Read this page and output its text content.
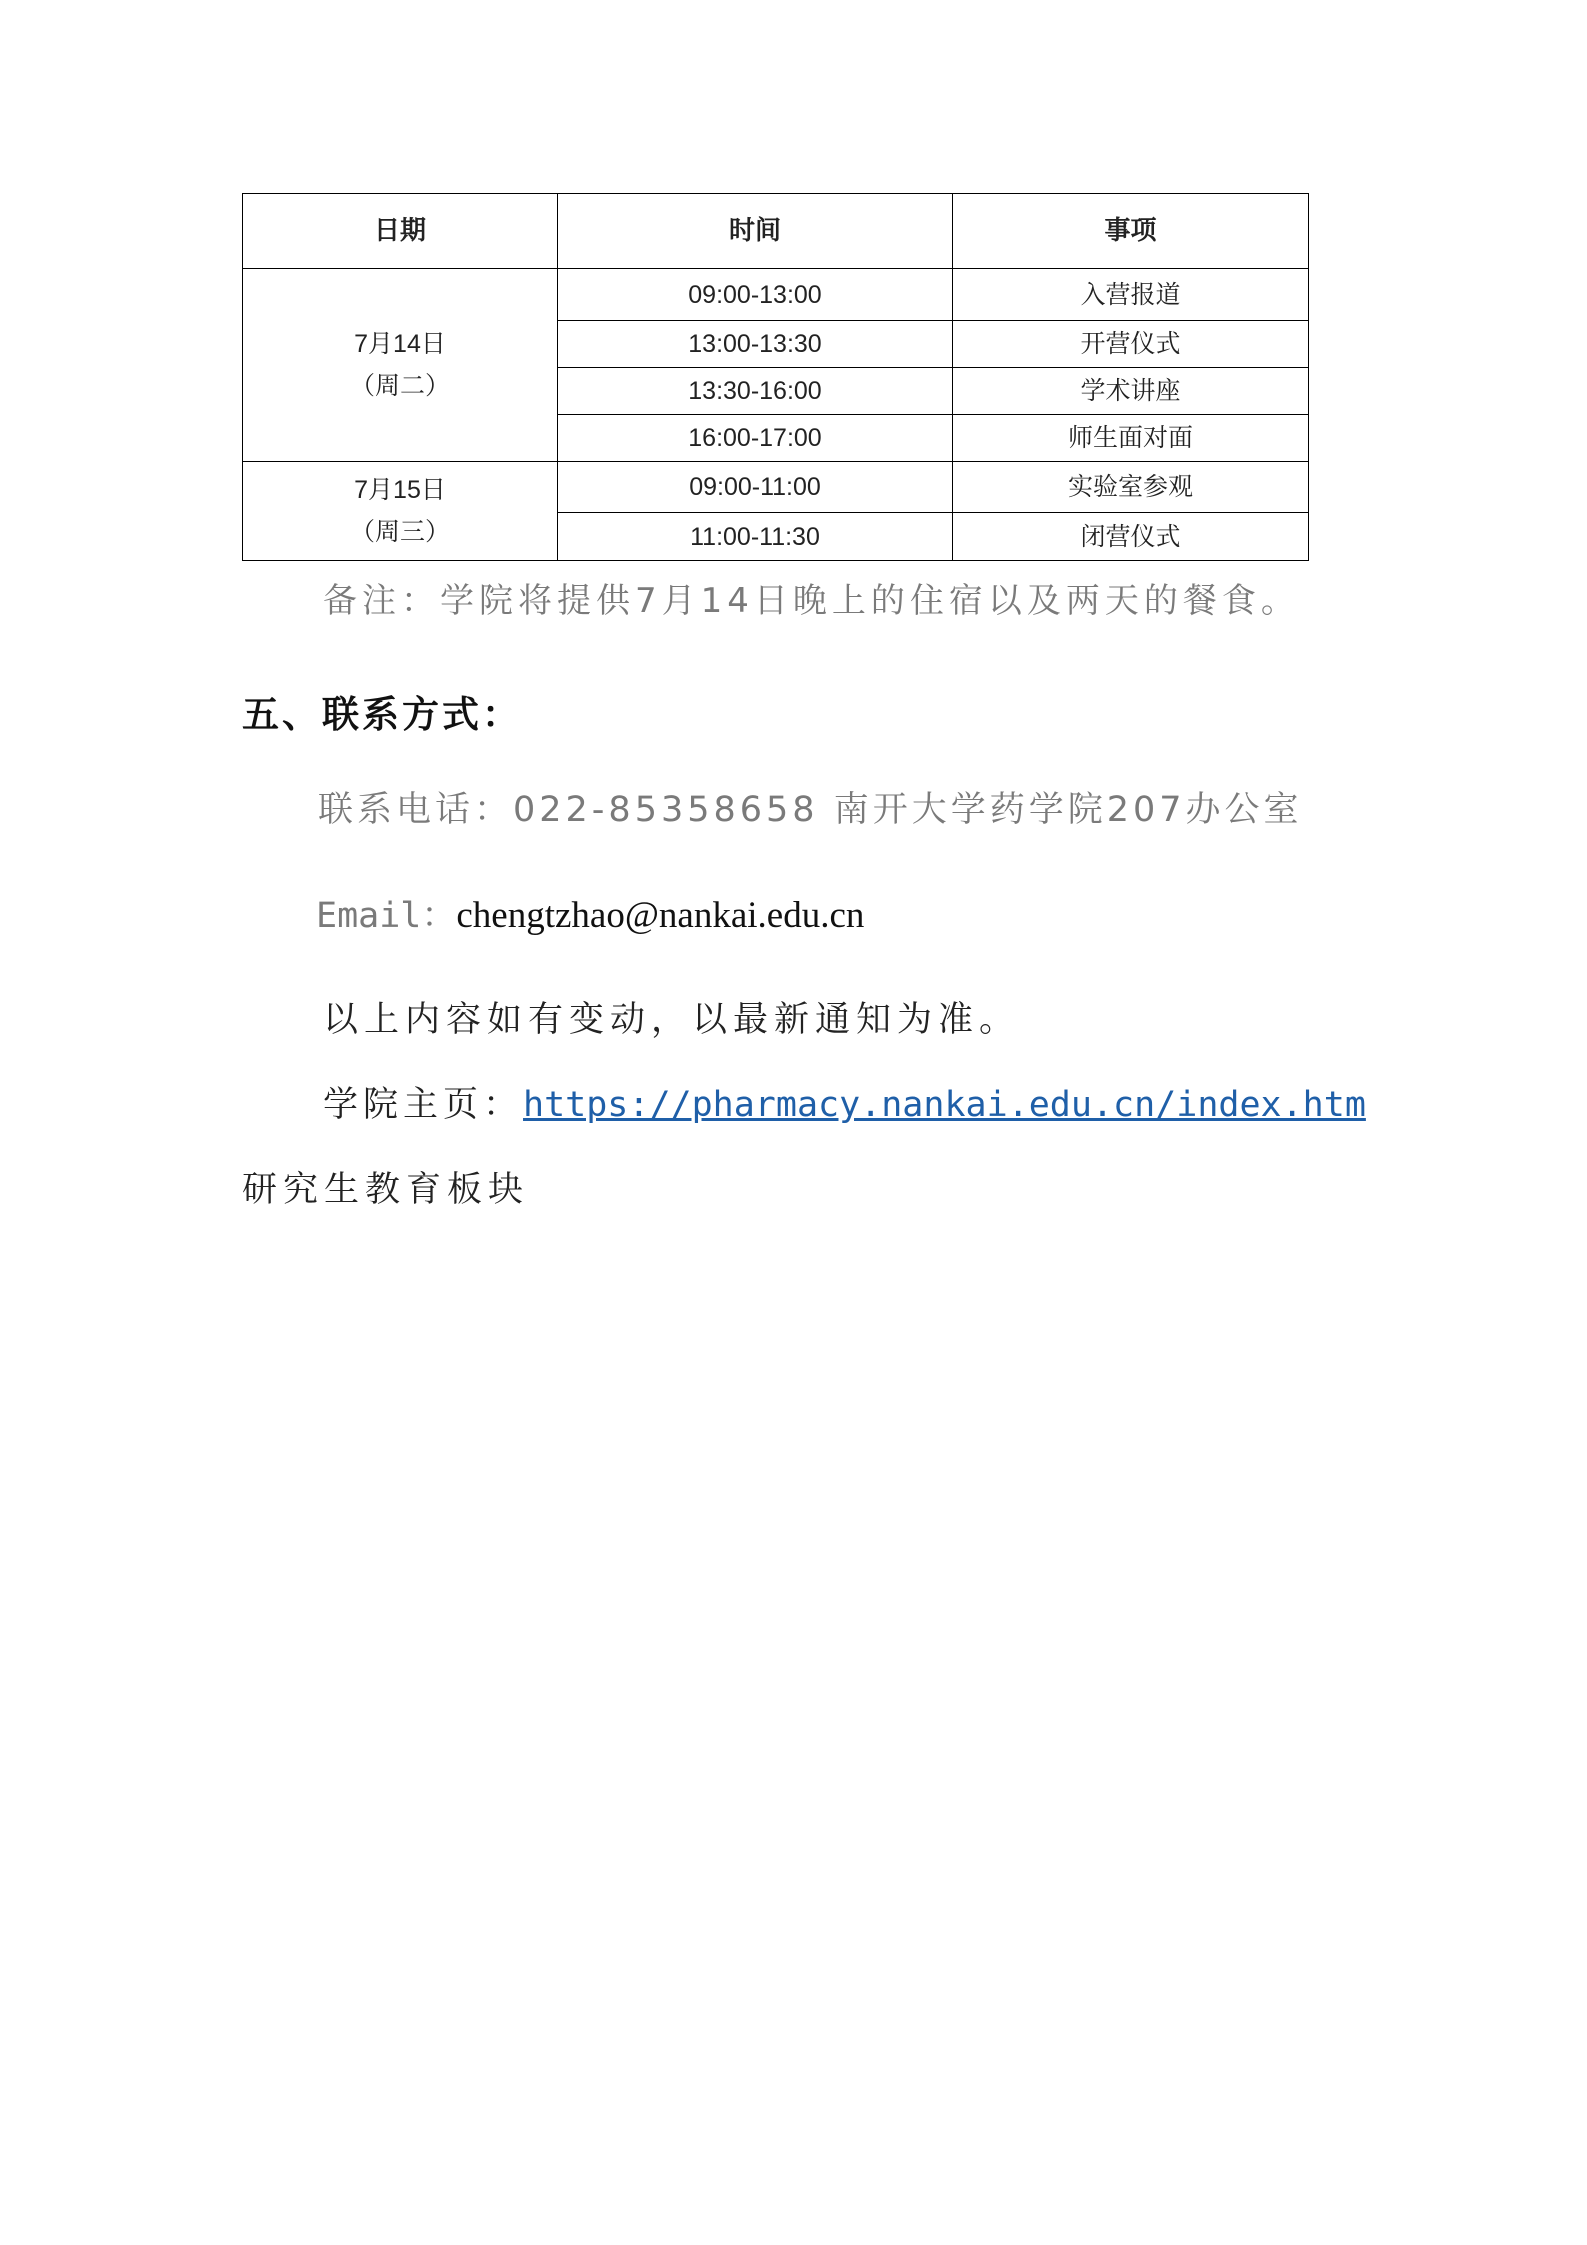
日期	时间	事项

7月14日
（周二）	09:00-13:00	入营报道
	13:00-13:30	开营仪式
	13:30-16:00	学术讲座
	16:00-17:00	师生面对面

7月15日
（周三）	09:00-11:00	实验室参观
	11:00-11:30	闭营仪式
备注：学院将提供7月14日晚上的住宿以及两天的餐食。
五、联系方式：
联系电话：022-85358658 南开大学药学院207办公室
Email：chengtzhao@nankai.edu.cn
以上内容如有变动，以最新通知为准。
学院主页：https://pharmacy.nankai.edu.cn/index.htm
研究生教育板块
